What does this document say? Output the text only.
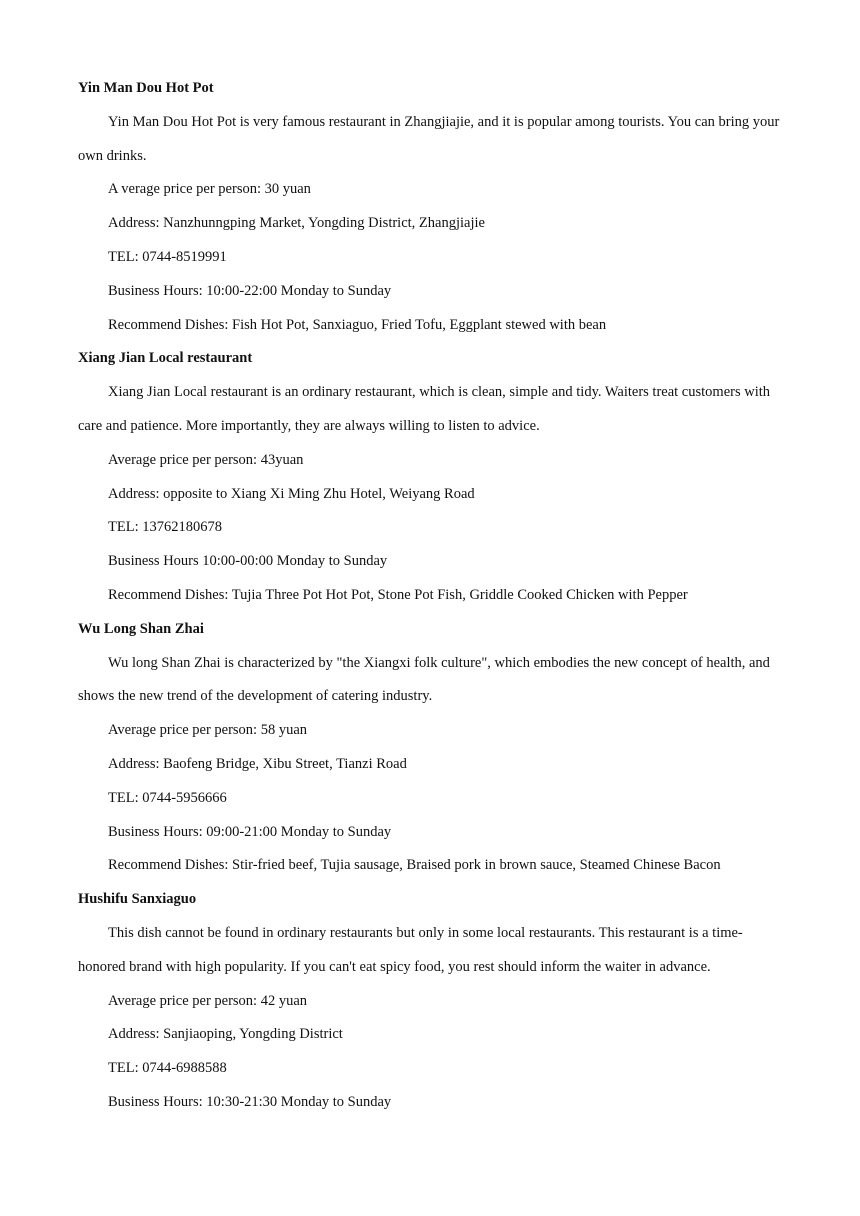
Yin Man Dou Hot Pot

Yin Man Dou Hot Pot is very famous restaurant in Zhangjiajie, and it is popular among tourists. You can bring your own drinks.

A verage price per person: 30 yuan

Address: Nanzhunngping Market, Yongding District, Zhangjiajie

TEL: 0744-8519991

Business Hours: 10:00-22:00 Monday to Sunday

Recommend Dishes: Fish Hot Pot, Sanxiaguo, Fried Tofu, Eggplant stewed with bean

Xiang Jian Local restaurant

Xiang Jian Local restaurant is an ordinary restaurant, which is clean, simple and tidy. Waiters treat customers with care and patience. More importantly, they are always willing to listen to advice.

Average price per person: 43yuan

Address: opposite to Xiang Xi Ming Zhu Hotel, Weiyang Road

TEL: 13762180678

Business Hours 10:00-00:00 Monday to Sunday

Recommend Dishes: Tujia Three Pot Hot Pot, Stone Pot Fish, Griddle Cooked Chicken with Pepper

Wu Long Shan Zhai

Wu long Shan Zhai is characterized by "the Xiangxi folk culture", which embodies the new concept of health, and shows the new trend of the development of catering industry.

Average price per person: 58 yuan

Address: Baofeng Bridge, Xibu Street, Tianzi Road

TEL: 0744-5956666

Business Hours: 09:00-21:00 Monday to Sunday

Recommend Dishes: Stir-fried beef, Tujia sausage, Braised pork in brown sauce, Steamed Chinese Bacon

Hushifu Sanxiaguo

This dish cannot be found in ordinary restaurants but only in some local restaurants. This restaurant is a time-honored brand with high popularity. If you can't eat spicy food, you rest should inform the waiter in advance.

Average price per person: 42 yuan

Address: Sanjiaoping, Yongding District

TEL: 0744-6988588

Business Hours: 10:30-21:30 Monday to Sunday
